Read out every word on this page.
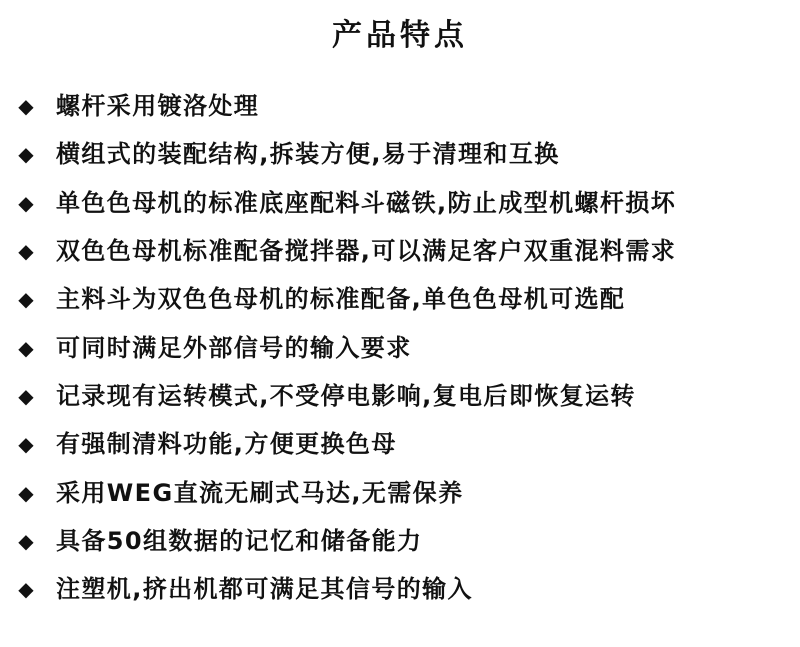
产品特点
◆ 螺杆采用镀洛处理
◆ 横组式的装配结构,拆装方便,易于清理和互换
◆ 单色色母机的标准底座配料斗磁铁,防止成型机螺杆损坏
◆ 双色色母机标准配备搅拌器,可以满足客户双重混料需求
◆ 主料斗为双色色母机的标准配备,单色色母机可选配
◆ 可同时满足外部信号的输入要求
◆ 记录现有运转模式,不受停电影响,复电后即恢复运转
◆ 有强制清料功能,方便更换色母
◆ 采用WEG直流无刷式马达,无需保养
◆ 具备50组数据的记忆和储备能力
◆ 注塑机,挤出机都可满足其信号的输入
